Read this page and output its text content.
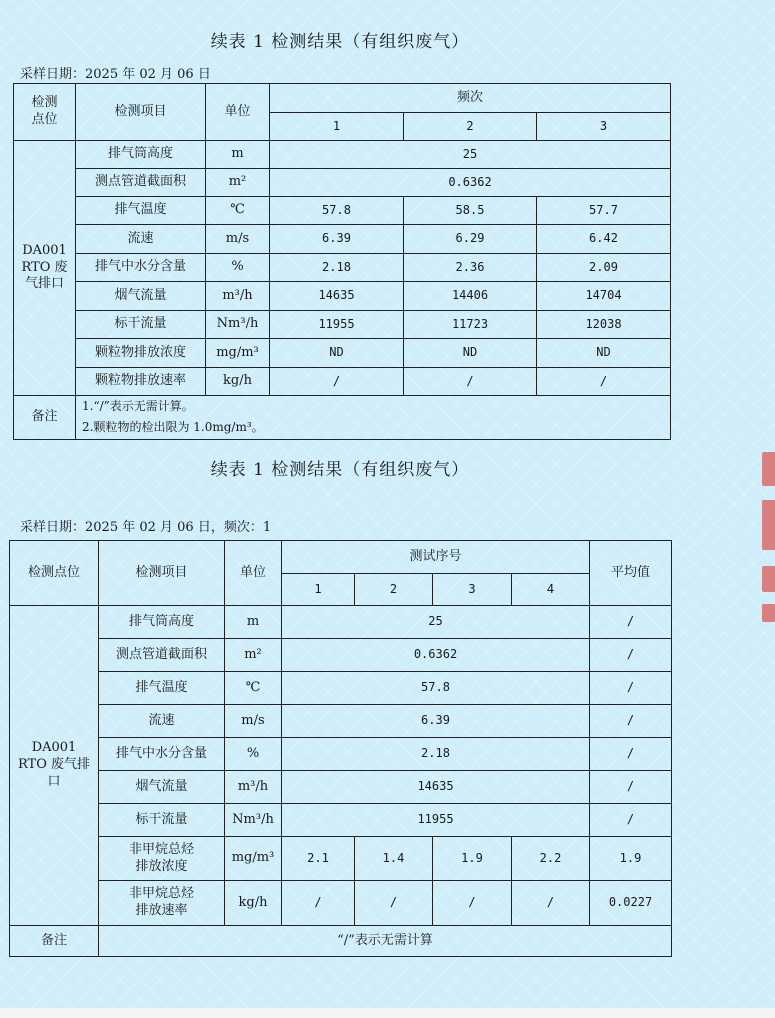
续表 1 检测结果（有组织废气）
采样日期：2025 年 02 月 06 日
检测
点位	检测项目	单位	频次		
			1	2	3
DA001
RTO 废
气排口	排气筒高度	m	25		
	测点管道截面积	m²	0.6362		
	排气温度	℃	57.8	58.5	57.7
	流速	m/s	6.39	6.29	6.42
	排气中水分含量	%	2.18	2.36	2.09
	烟气流量	m³/h	14635	14406	14704
	标干流量	Nm³/h	11955	11723	12038
	颗粒物排放浓度	mg/m³	ND	ND	ND
	颗粒物排放速率	kg/h	/	/	/
备注	1.“/”表示无需计算。				
	2.颗粒物的检出限为 1.0mg/m³。				
续表 1 检测结果（有组织废气）
采样日期：2025 年 02 月 06 日，频次：1
检测点位	检测项目	单位	测试序号				平均值
			1	2	3	4	
DA001
RTO 废气排
口	排气筒高度	m	25				/
	测点管道截面积	m²	0.6362				/
	排气温度	℃	57.8				/
	流速	m/s	6.39				/
	排气中水分含量	%	2.18				/
	烟气流量	m³/h	14635				/
	标干流量	Nm³/h	11955				/
	非甲烷总烃
排放浓度	mg/m³	2.1	1.4	1.9	2.2	1.9
	非甲烷总烃
排放速率	kg/h	/	/	/	/	0.0227
备注	“/”表示无需计算						
